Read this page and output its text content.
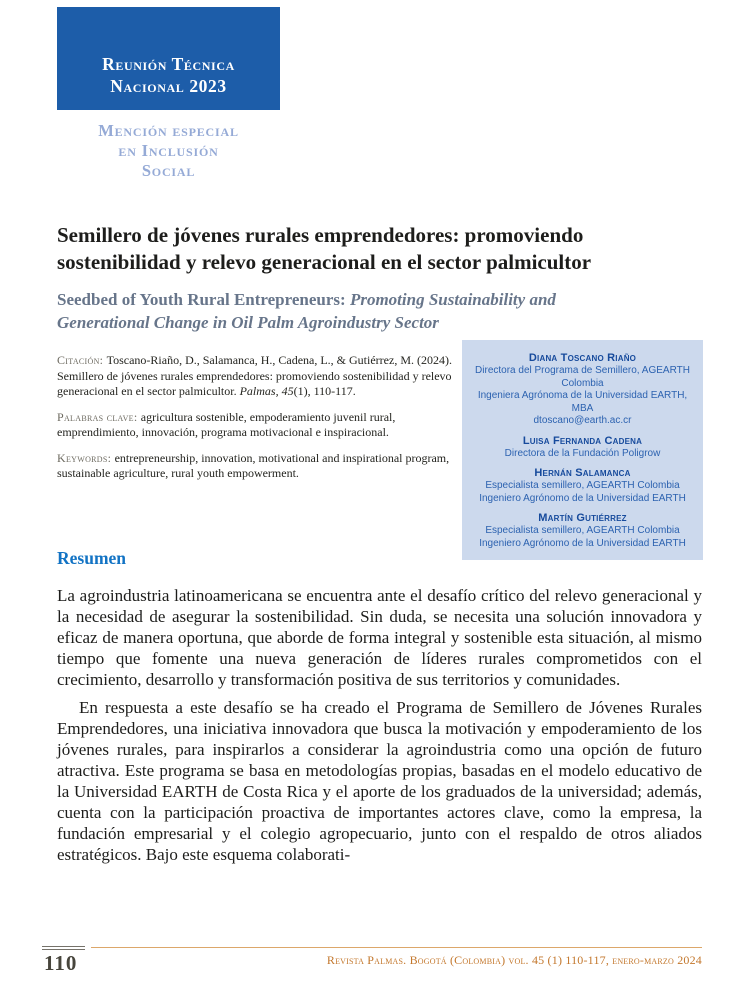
Reunión Técnica
Nacional 2023
Mención especial
en Inclusión
Social
Semillero de jóvenes rurales emprendedores: promoviendo sostenibilidad y relevo generacional en el sector palmicultor
Seedbed of Youth Rural Entrepreneurs: Promoting Sustainability and Generational Change in Oil Palm Agroindustry Sector

Citación: Toscano-Riaño, D., Salamanca, H., Cadena, L., & Gutiérrez, M. (2024). Semillero de jóvenes rurales emprendedores: promoviendo sostenibilidad y relevo generacional en el sector palmicultor. Palmas, 45(1), 110-117.

Palabras clave: agricultura sostenible, empoderamiento juvenil rural, emprendimiento, innovación, programa motivacional e inspiracional.

Keywords: entrepreneurship, innovation, motivational and inspirational program, sustainable agriculture, rural youth empowerment.

Diana Toscano Riaño
Directora del Programa de Semillero, AGEARTH Colombia
Ingeniera Agrónoma de la Universidad EARTH, MBA
dtoscano@earth.ac.cr
Luisa Fernanda Cadena
Directora de la Fundación Poligrow
Hernán Salamanca
Especialista semillero, AGEARTH Colombia
Ingeniero Agrónomo de la Universidad EARTH
Martín Gutiérrez
Especialista semillero, AGEARTH Colombia
Ingeniero Agrónomo de la Universidad EARTH
Resumen

La agroindustria latinoamericana se encuentra ante el desafío crítico del relevo generacional y la necesidad de asegurar la sostenibilidad. Sin duda, se necesita una solución innovadora y eficaz de manera oportuna, que aborde de forma integral y sostenible esta situación, al mismo tiempo que fomente una nueva generación de líderes rurales comprometidos con el crecimiento, desarrollo y transformación positiva de sus territorios y comunidades.

En respuesta a este desafío se ha creado el Programa de Semillero de Jóvenes Rurales Emprendedores, una iniciativa innovadora que busca la motivación y empoderamiento de los jóvenes rurales, para inspirarlos a considerar la agroindustria como una opción de futuro atractiva. Este programa se basa en metodologías propias, basadas en el modelo educativo de la Universidad EARTH de Costa Rica y el aporte de los graduados de la universidad; además, cuenta con la participación proactiva de importantes actores clave, como la empresa, la fundación empresarial y el colegio agropecuario, junto con el respaldo de otros aliados estratégicos. Bajo este esquema colaborati-

110	Revista Palmas. Bogotá (Colombia) vol. 45 (1) 110-117, enero-marzo 2024
